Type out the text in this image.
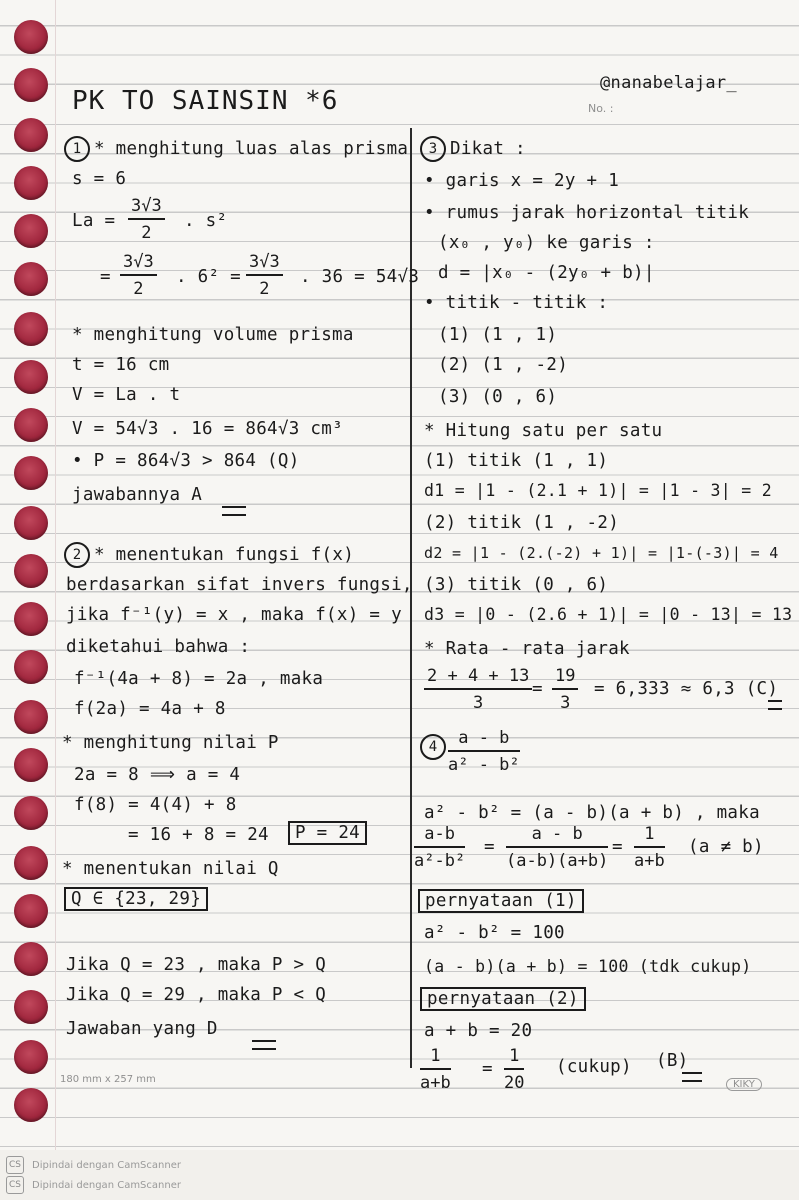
PK TO SAINSIN *6
@nanabelajar_
No. :
1 * menghitung luas alas prisma
s = 6
$La = \frac{3√3}{2}$ . s²
= $\frac{3√3}{2}$ . $6^2 = \frac{3√3}{2}$ . 36 = 54√3
* menghitung volume prisma
t = 16 cm
V = La . t
V = 54√3 . 16 = 864√3 cm³
• P = 864√3 > 864 (Q)
jawabannya A
2 * menentukan fungsi f(x)
berdasarkan sifat invers fungsi,
jika f⁻¹(y) = x , maka f(x) = y
diketahui bahwa :
f⁻¹(4a + 8) = 2a , maka
f(2a) = 4a + 8
* menghitung nilai P
2a = 8 ⟹ a = 4
f(8) = 4(4) + 8
= 16 + 8 = 24	P = 24
* menentukan nilai Q
Q ∈ {23, 29}
Jika Q = 23 , maka P > Q
Jika Q = 29 , maka P < Q
Jawaban yang D
180 mm x 257 mm
3 Dikat :
• garis x = 2y + 1
• rumus jarak horizontal titik
(x₀ , y₀) ke garis :
d = |x₀ - (2y₀ + b)|
• titik - titik :
(1) (1 , 1)
(2) (1 , -2)
(3) (0 , 6)
* Hitung satu per satu
(1) titik (1 , 1)
d1 = |1 - (2.1 + 1)| = |1 - 3| = 2
(2) titik (1 , -2)
d2 = |1 - (2.(-2) + 1)| = |1-(-3)| = 4
(3) titik (0 , 6)
d3 = |0 - (2.6 + 1)| = |0 - 13| = 13
* Rata - rata jarak
$\frac{2 + 4 + 13}{3} = \frac{19}{3} = 6,333 \approx 6,3$ (C)
$4 \frac{a - b}{\text{a² - b²}}$
a² - b² = (a - b)(a + b) , maka
$\frac{a-b}{\text{a²-b²}} = \frac{a - b}{(a-b)(a+b)} = \frac{1}{a+b} (a \ne b)$
pernyataan (1)
a² - b² = 100
(a - b)(a + b) = 100 (tdk cukup)
pernyataan (2)
a + b = 20
$\frac{1}{a+b} = \frac{1}{20}$ (cukup) (B)
KIKY
CS	Dipindai dengan CamScanner
CS	Dipindai dengan CamScanner
